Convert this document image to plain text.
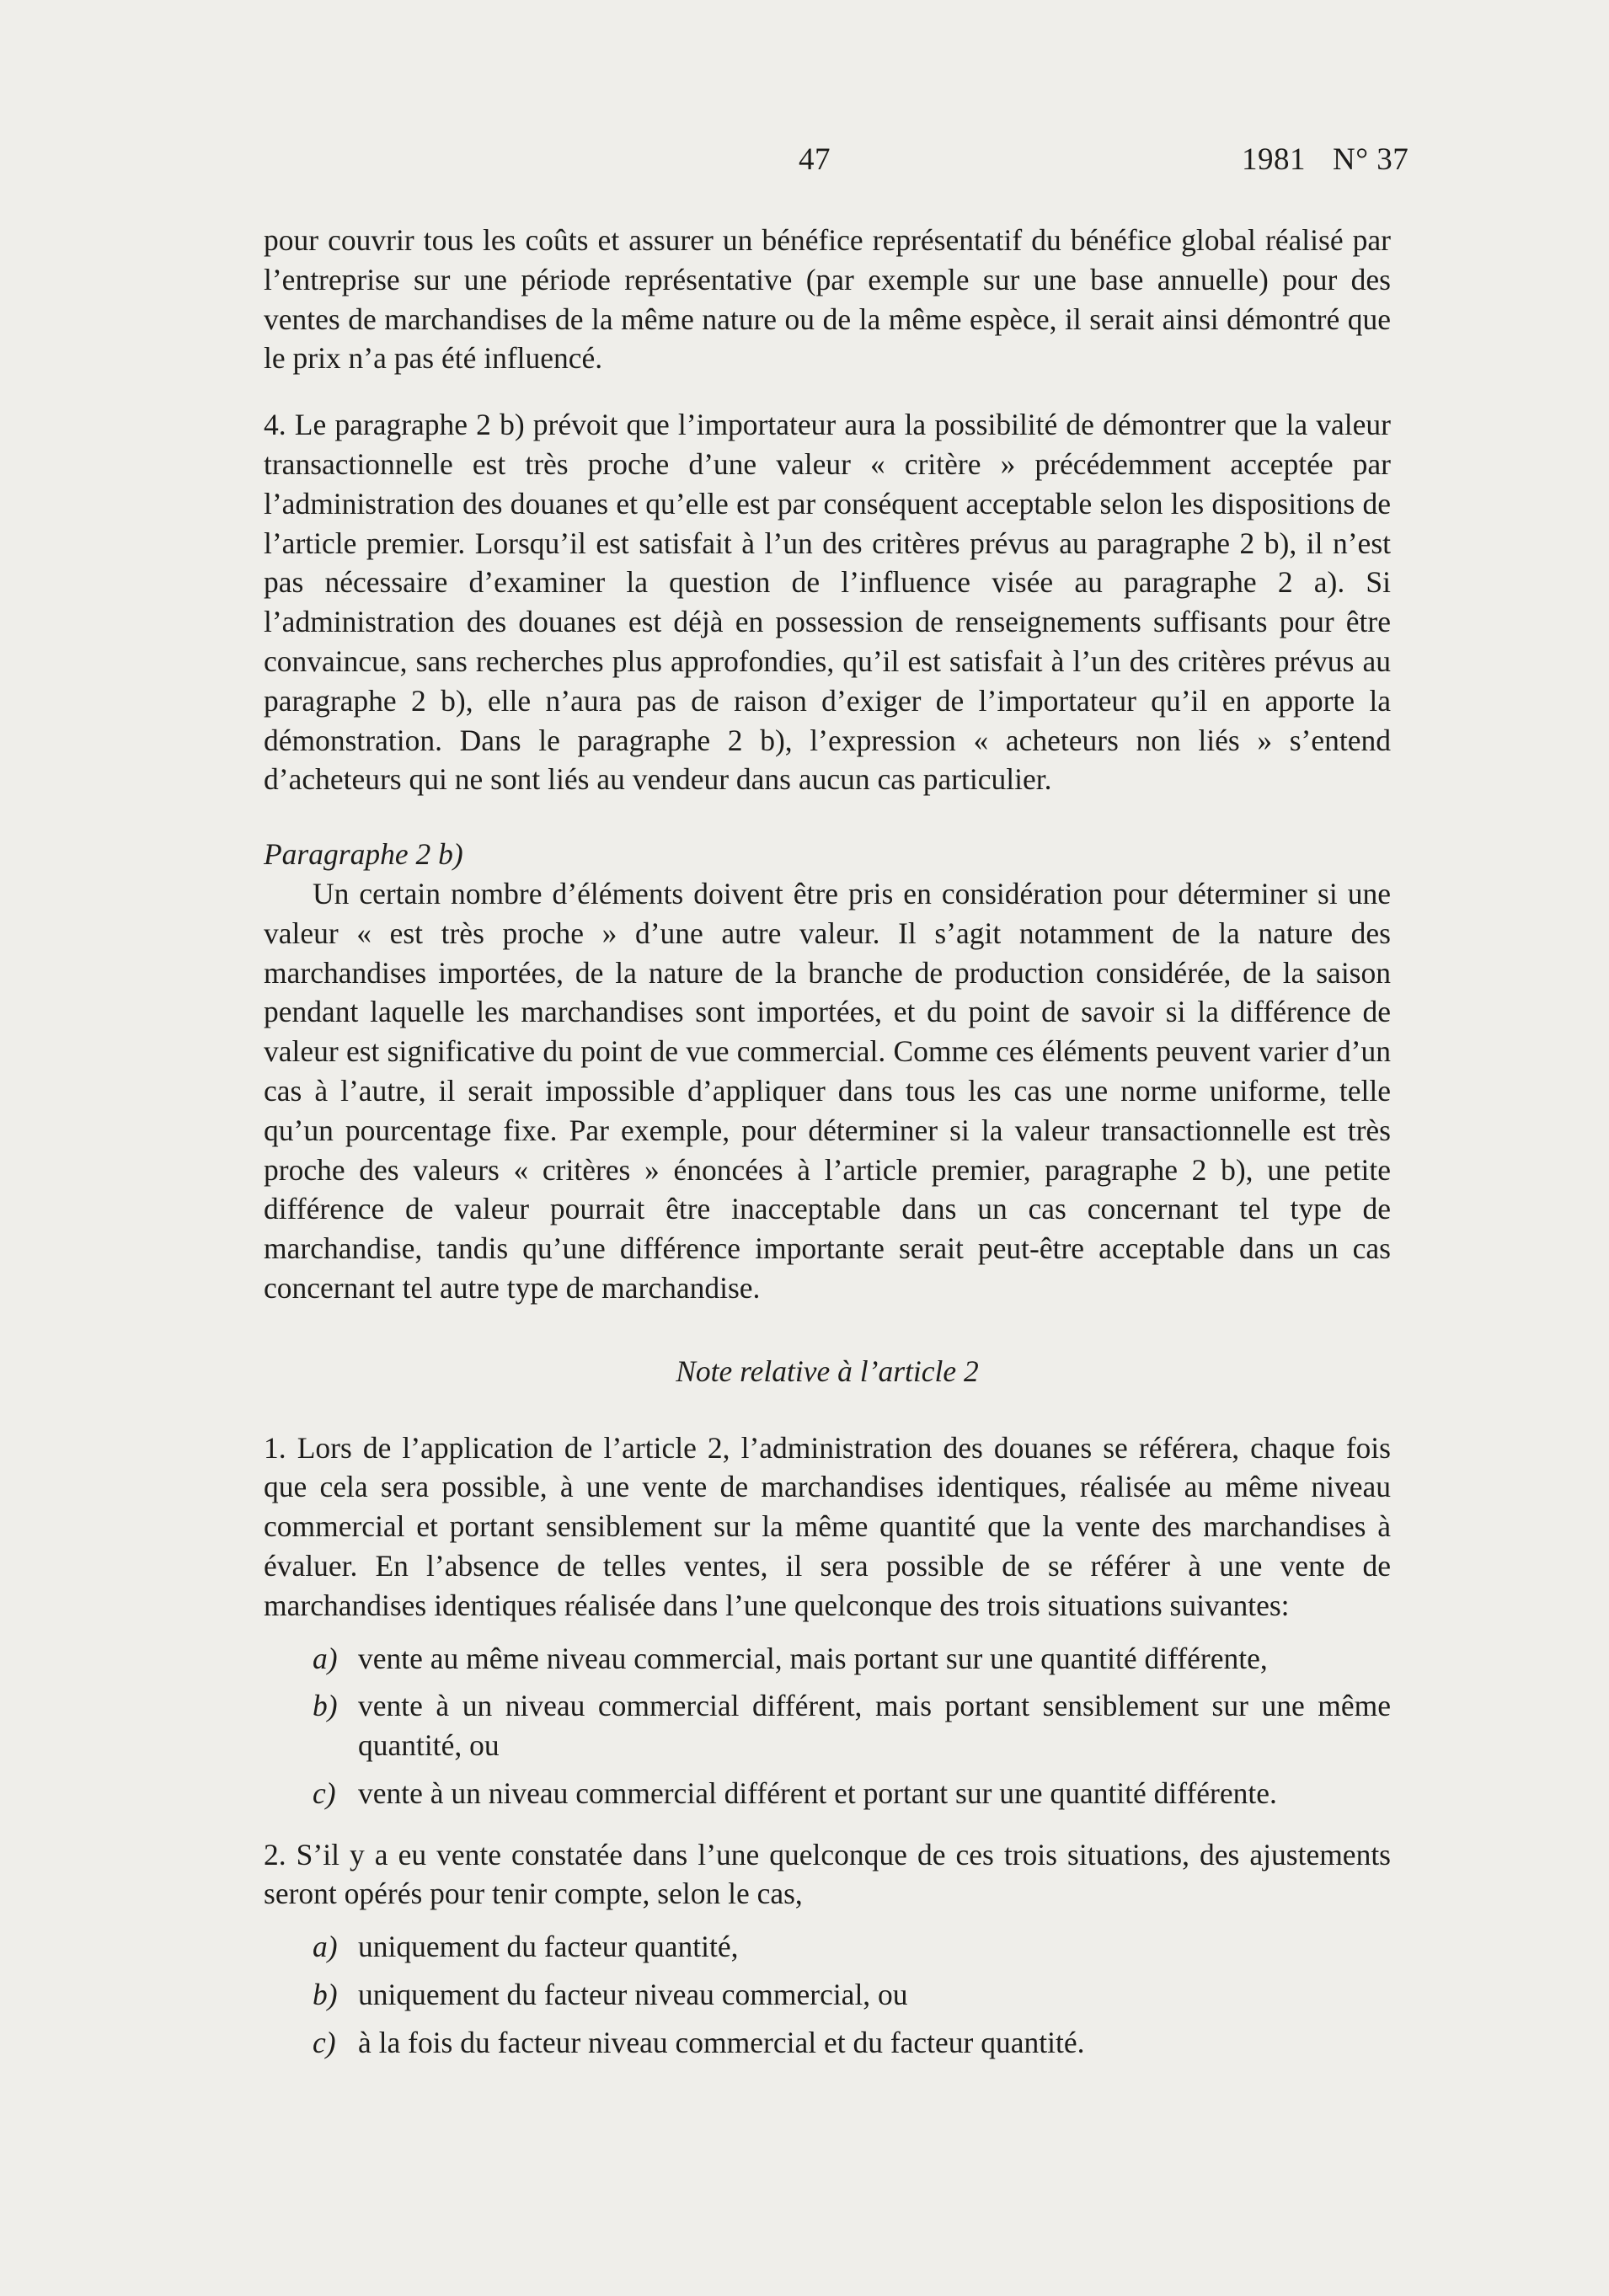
47	1981 N° 37

pour couvrir tous les coûts et assurer un bénéfice représentatif du bénéfice global réalisé par l’entreprise sur une période représentative (par exemple sur une base annuelle) pour des ventes de marchandises de la même nature ou de la même espèce, il serait ainsi démontré que le prix n’a pas été influencé.

4. Le paragraphe 2 b) prévoit que l’importateur aura la possibilité de démontrer que la valeur transactionnelle est très proche d’une valeur « critère » précédemment acceptée par l’administration des douanes et qu’elle est par conséquent acceptable selon les dispositions de l’article premier. Lorsqu’il est satisfait à l’un des critères prévus au paragraphe 2 b), il n’est pas nécessaire d’examiner la question de l’influence visée au paragraphe 2 a). Si l’administration des douanes est déjà en possession de renseignements suffisants pour être convaincue, sans recherches plus approfondies, qu’il est satisfait à l’un des critères prévus au paragraphe 2 b), elle n’aura pas de raison d’exiger de l’importateur qu’il en apporte la démonstration. Dans le paragraphe 2 b), l’expression « acheteurs non liés » s’entend d’acheteurs qui ne sont liés au vendeur dans aucun cas particulier.

Paragraphe 2 b)

Un certain nombre d’éléments doivent être pris en considération pour déterminer si une valeur « est très proche » d’une autre valeur. Il s’agit notamment de la nature des marchandises importées, de la nature de la branche de production considérée, de la saison pendant laquelle les marchandises sont importées, et du point de savoir si la différence de valeur est significative du point de vue commercial. Comme ces éléments peuvent varier d’un cas à l’autre, il serait impossible d’appliquer dans tous les cas une norme uniforme, telle qu’un pourcentage fixe. Par exemple, pour déterminer si la valeur transactionnelle est très proche des valeurs « critères » énoncées à l’article premier, paragraphe 2 b), une petite différence de valeur pourrait être inacceptable dans un cas concernant tel type de marchandise, tandis qu’une différence importante serait peut-être acceptable dans un cas concernant tel autre type de marchandise.

Note relative à l’article 2

1. Lors de l’application de l’article 2, l’administration des douanes se référera, chaque fois que cela sera possible, à une vente de marchandises identiques, réalisée au même niveau commercial et portant sensiblement sur la même quantité que la vente des marchandises à évaluer. En l’absence de telles ventes, il sera possible de se référer à une vente de marchandises identiques réalisée dans l’une quelconque des trois situations suivantes:

a) vente au même niveau commercial, mais portant sur une quantité différente,
b) vente à un niveau commercial différent, mais portant sensiblement sur une même quantité, ou
c) vente à un niveau commercial différent et portant sur une quantité différente.

2. S’il y a eu vente constatée dans l’une quelconque de ces trois situations, des ajustements seront opérés pour tenir compte, selon le cas,

a) uniquement du facteur quantité,
b) uniquement du facteur niveau commercial, ou
c) à la fois du facteur niveau commercial et du facteur quantité.
